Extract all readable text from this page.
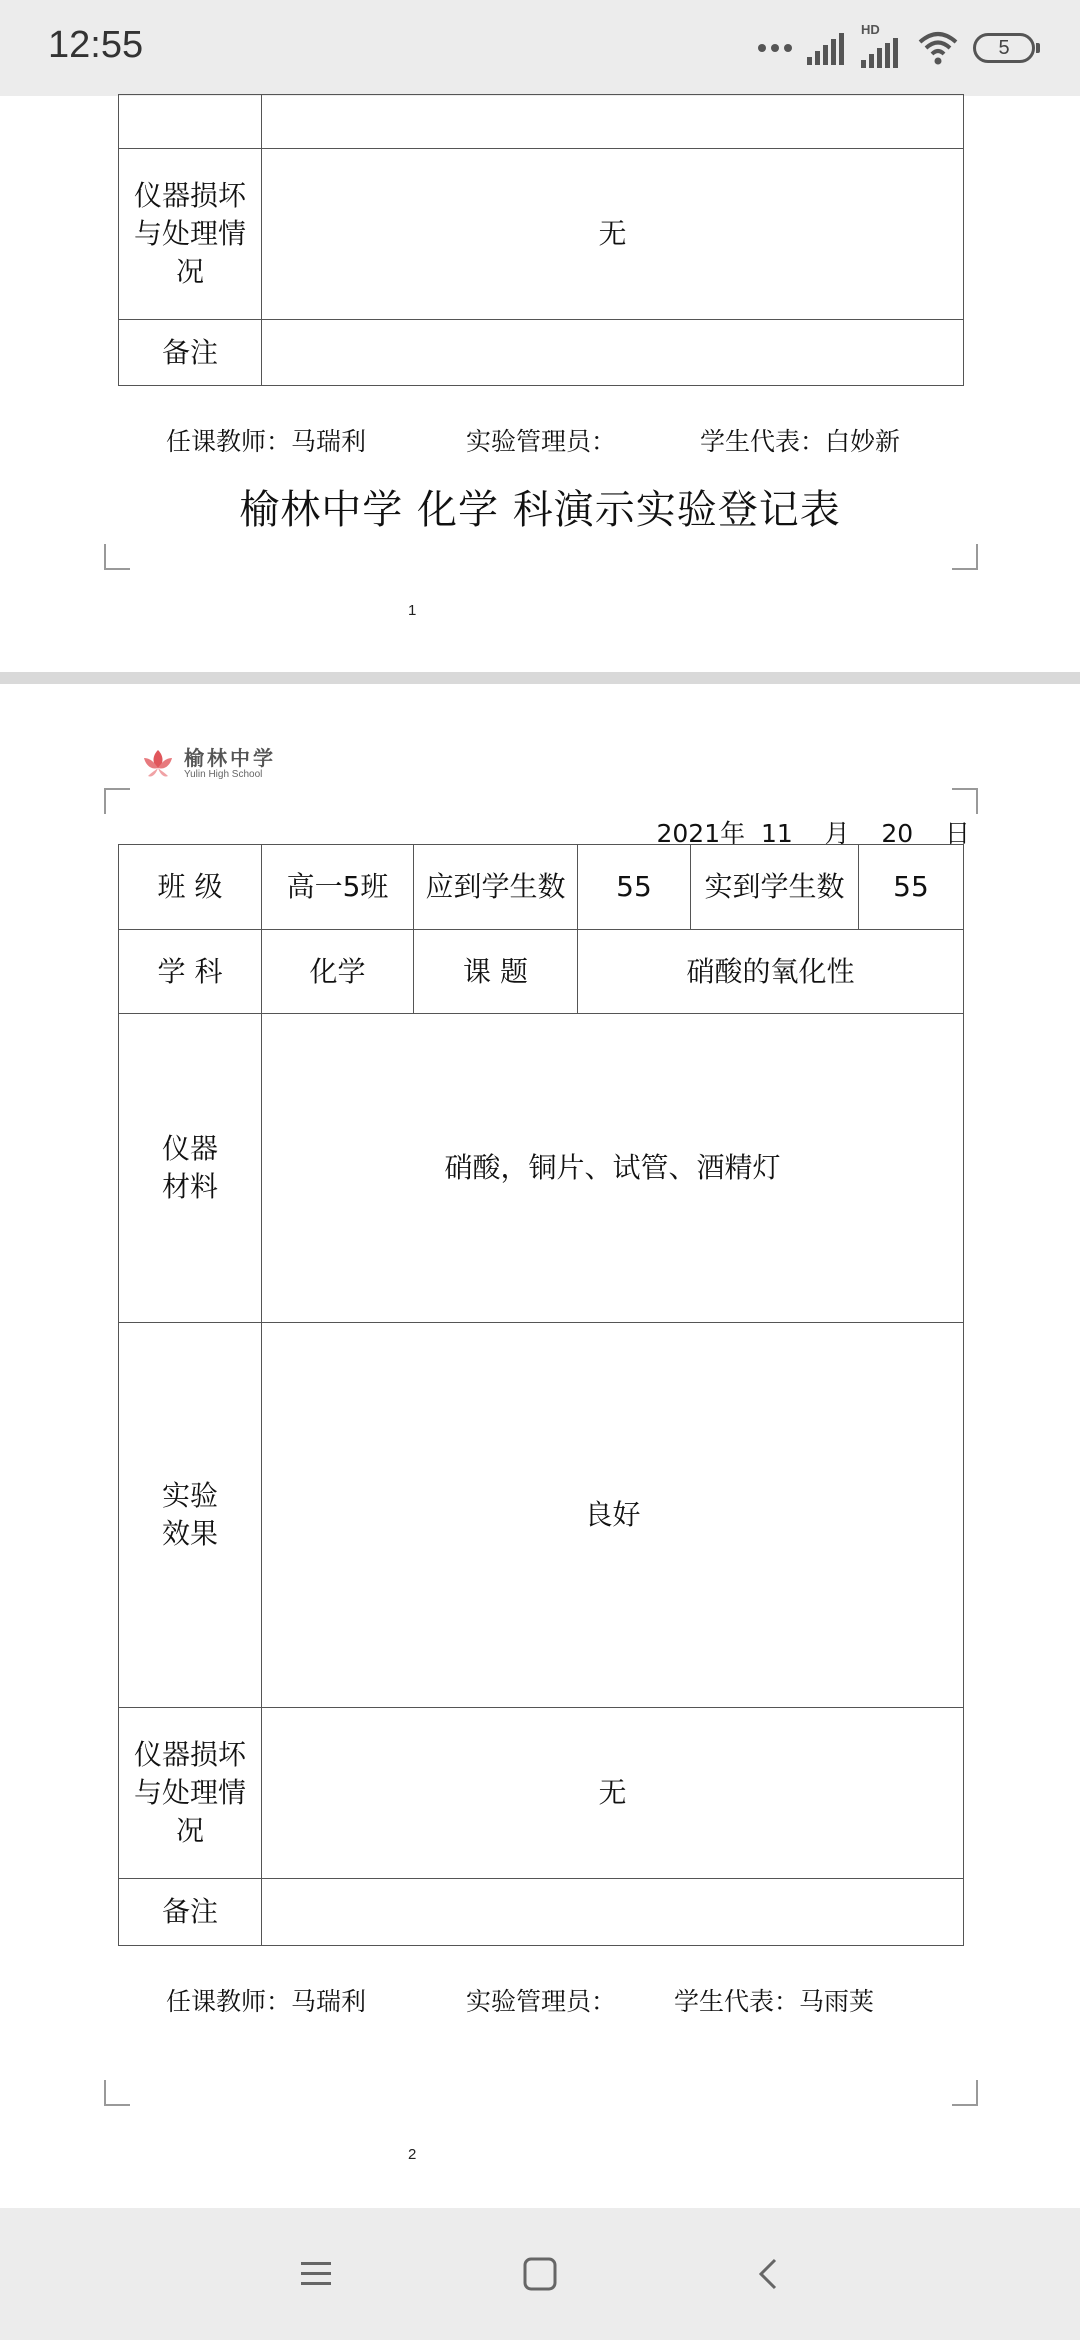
12:55	HD
5

仪器损坏与处理情况	无
备注	
任课教师：马瑞利	实验管理员：	学生代表：白妙新
榆林中学 化学 科演示实验登记表
1
榆林中学
Yulin High School
2021年  11    月    20    日
班 级	高一5班	应到学生数	55	实到学生数	55
学 科	化学	课 题	硝酸的氧化性		
仪器材料	硝酸，铜片、试管、酒精灯				
实验效果	良好				
仪器损坏与处理情况	无				
备注					
任课教师：马瑞利	实验管理员： 学生代表：马雨荚
2
